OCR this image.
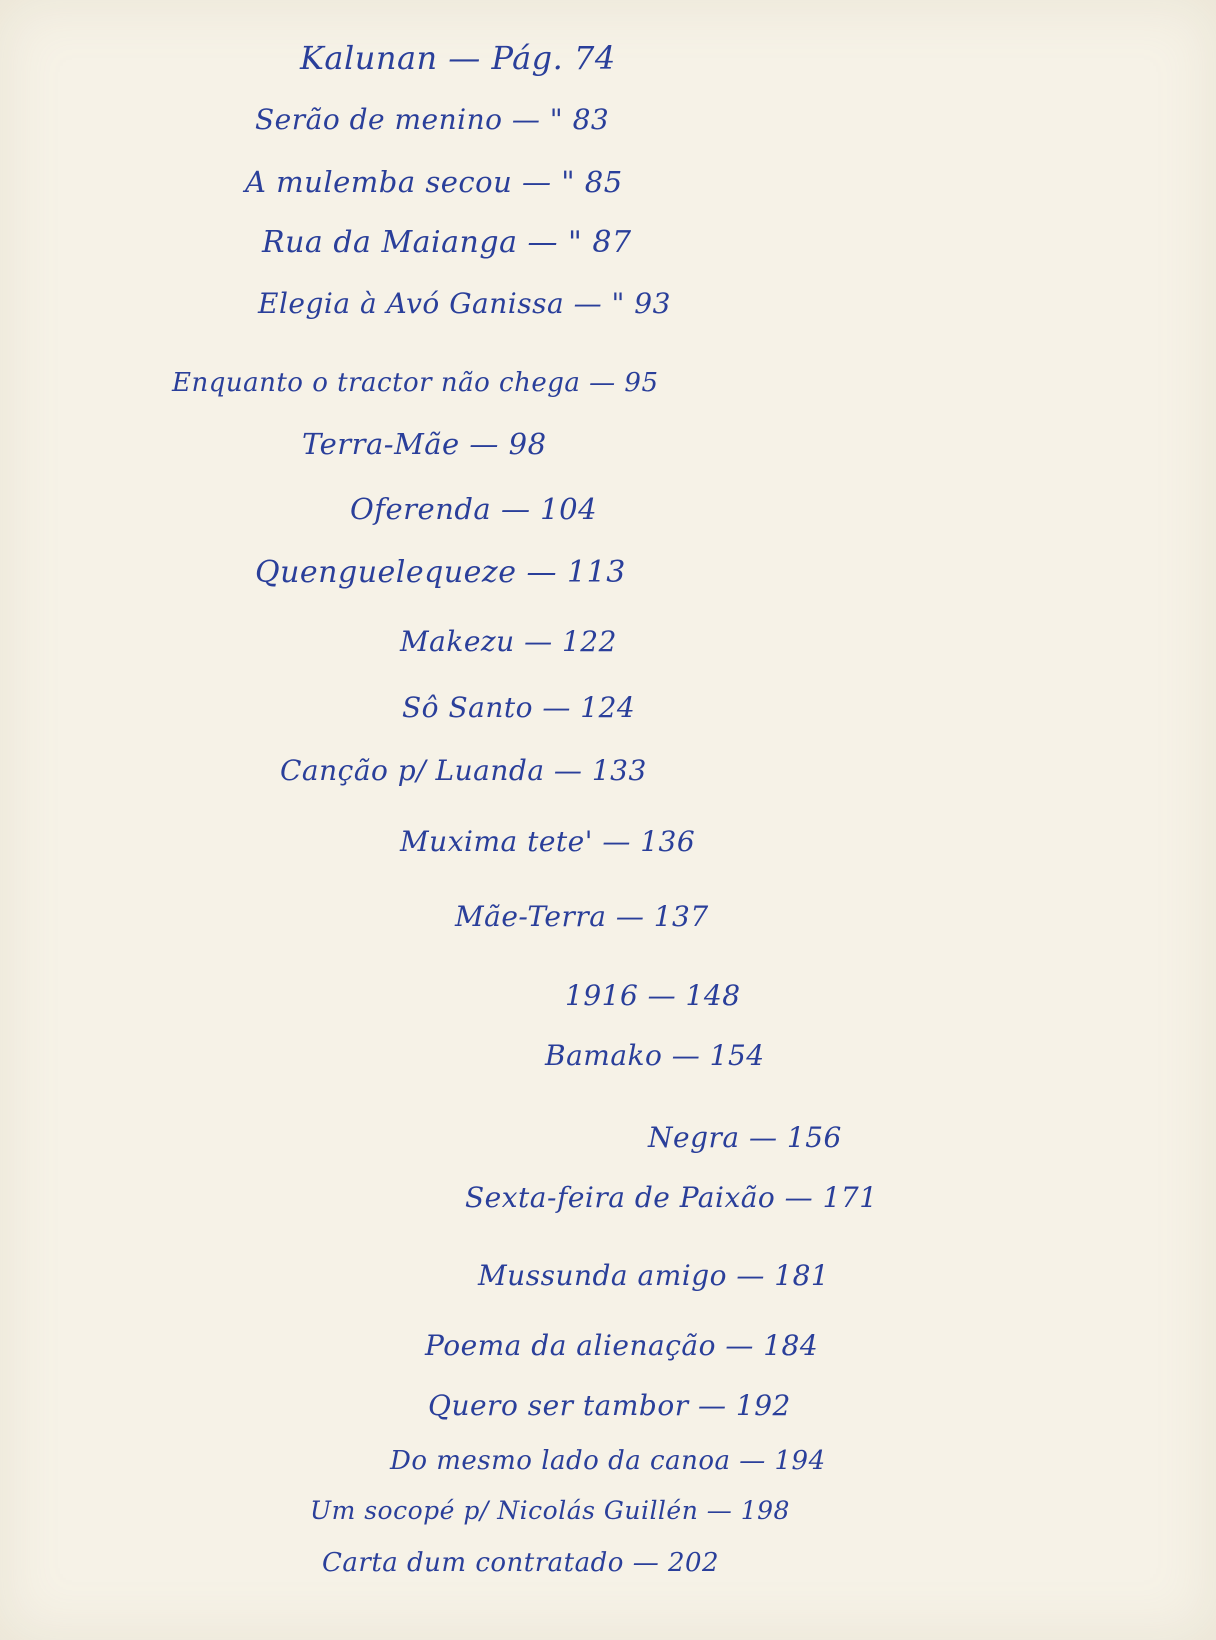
Kalunan — Pág. 74
Serão de menino — " 83
A mulemba secou — " 85
Rua da Maianga — " 87
Elegia à Avó Ganissa — " 93
Enquanto o tractor não chega — 95
Terra-Mãe — 98
Oferenda — 104
Quenguelequeze — 113
Makezu — 122
Sô Santo — 124
Canção p/ Luanda — 133
Muxima tete' — 136
Mãe-Terra — 137
1916 — 148
Bamako — 154
Negra — 156
Sexta-feira de Paixão — 171
Mussunda amigo — 181
Poema da alienação — 184
Quero ser tambor — 192
Do mesmo lado da canoa — 194
Um socopé p/ Nicolás Guillén — 198
Carta dum contratado — 202
